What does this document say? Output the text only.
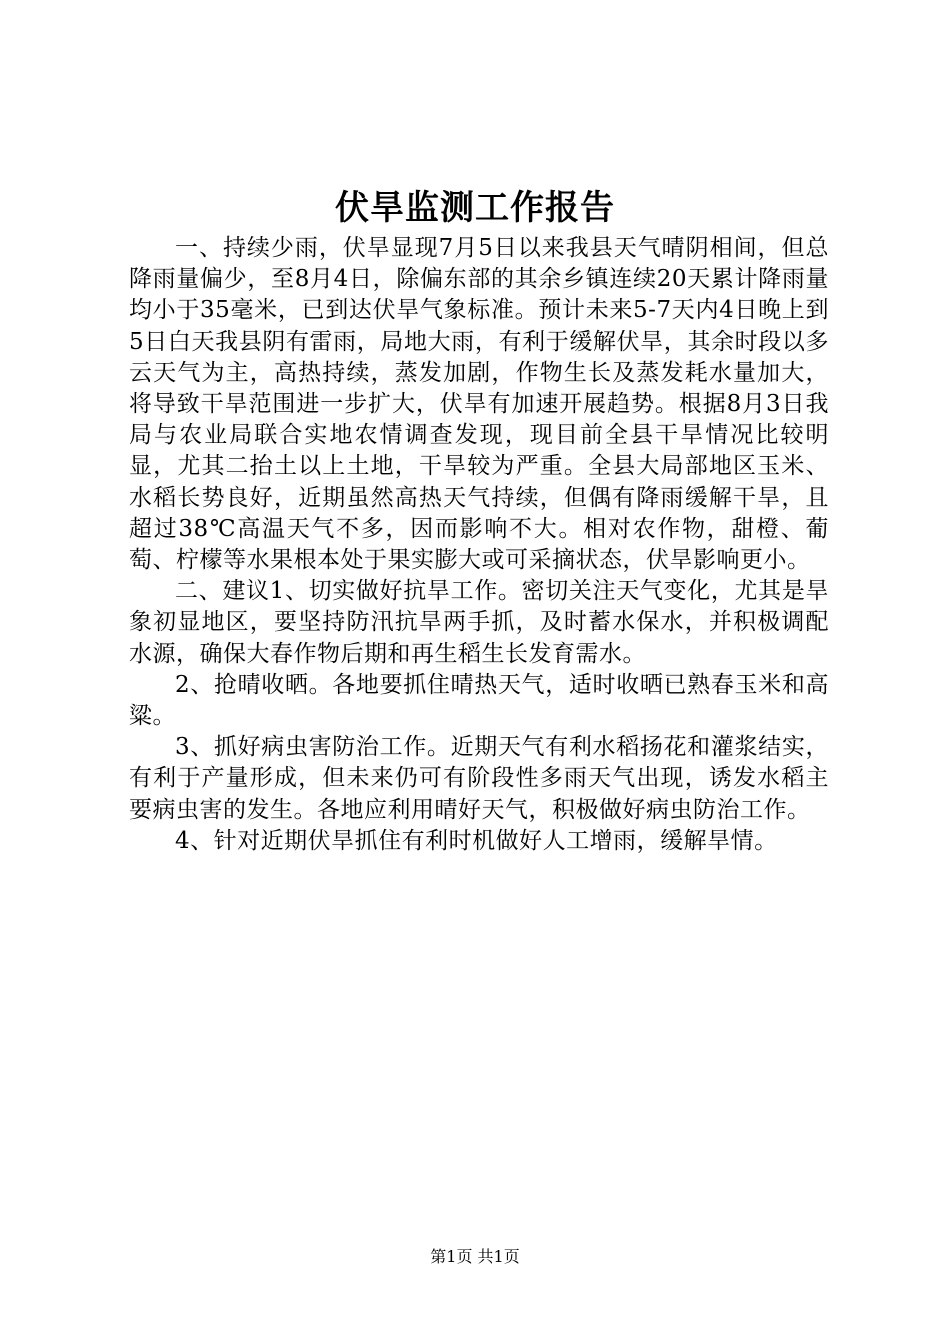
伏旱监测工作报告

一、持续少雨，伏旱显现7月5日以来我县天气晴阴相间，但总降雨量偏少，至8月4日，除偏东部的其余乡镇连续20天累计降雨量均小于35毫米，已到达伏旱气象标准。预计未来5-7天内4日晚上到5日白天我县阴有雷雨，局地大雨，有利于缓解伏旱，其余时段以多云天气为主，高热持续，蒸发加剧，作物生长及蒸发耗水量加大，将导致干旱范围进一步扩大，伏旱有加速开展趋势。根据8月3日我局与农业局联合实地农情调查发现，现目前全县干旱情况比较明显，尤其二抬土以上土地，干旱较为严重。全县大局部地区玉米、水稻长势良好，近期虽然高热天气持续，但偶有降雨缓解干旱，且超过38℃高温天气不多，因而影响不大。相对农作物，甜橙、葡萄、柠檬等水果根本处于果实膨大或可采摘状态，伏旱影响更小。

二、建议1、切实做好抗旱工作。密切关注天气变化，尤其是旱象初显地区，要坚持防汛抗旱两手抓，及时蓄水保水，并积极调配水源，确保大春作物后期和再生稻生长发育需水。

2、抢晴收晒。各地要抓住晴热天气，适时收晒已熟春玉米和高粱。

3、抓好病虫害防治工作。近期天气有利水稻扬花和灌浆结实，有利于产量形成，但未来仍可有阶段性多雨天气出现，诱发水稻主要病虫害的发生。各地应利用晴好天气，积极做好病虫防治工作。

4、针对近期伏旱抓住有利时机做好人工增雨，缓解旱情。

第1页 共1页
